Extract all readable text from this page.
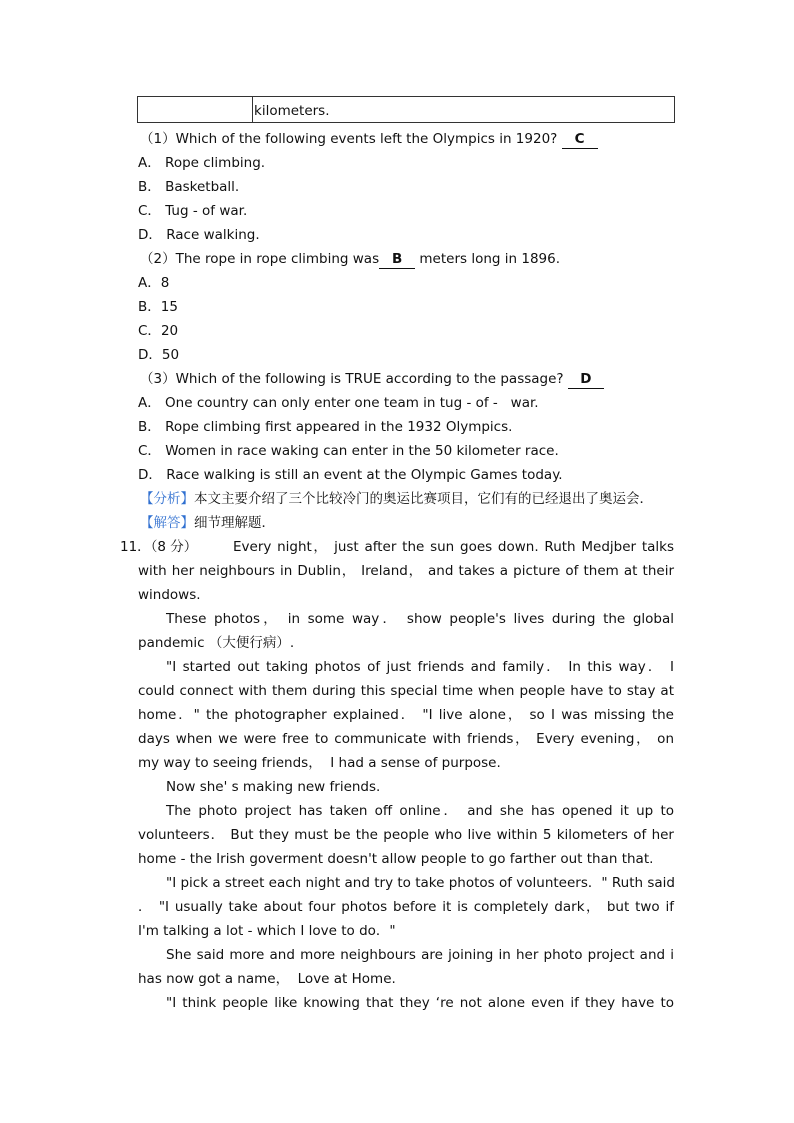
kilometers.
（1）Which of the following events left the Olympics in 1920? C
A． Rope climbing.
B． Basketball.
C． Tug - of war.
D． Race walking.
（2）The rope in rope climbing was B meters long in 1896.
A．8
B．15
C．20
D．50
（3）Which of the following is TRUE according to the passage? D
A． One country can only enter one team in tug - of -   war.
B． Rope climbing first appeared in the 1932 Olympics.
C． Women in race waking can enter in the 50 kilometer race.
D． Race walking is still an event at the Olympic Games today.
【分析】本文主要介绍了三个比较冷门的奥运比赛项目，它们有的已经退出了奥运会．
【解答】细节理解题．
11．（8 分）	Every night， just after the sun goes down. Ruth Medjber talks
with her neighbours in Dublin， Ireland， and takes a picture of them at their
windows.
These photos， in some way． show people's lives during the global
pandemic （大便行病）.
"I started out taking photos of just friends and family． In this way． I
could connect with them during this special time when people have to stay at
home．" the photographer explained． "I live alone， so I was missing the
days when we were free to communicate with friends， Every evening， on
my way to seeing friends，  I had a sense of purpose.
Now she' s making new friends.
The photo project has taken off online． and she has opened it up to
volunteers． But they must be the people who live within 5 kilometers of her
home - the Irish goverment doesn't allow people to go farther out than that.
"I pick a street each night and try to take photos of volunteers．" Ruth said
． "I usually take about four photos before it is completely dark， but two if
I'm talking a lot - which I love to do．"
She said more and more neighbours are joining in her photo project and i
has now got a name，  Love at Home.
"I think people like knowing that they ‘re not alone even if they have to
